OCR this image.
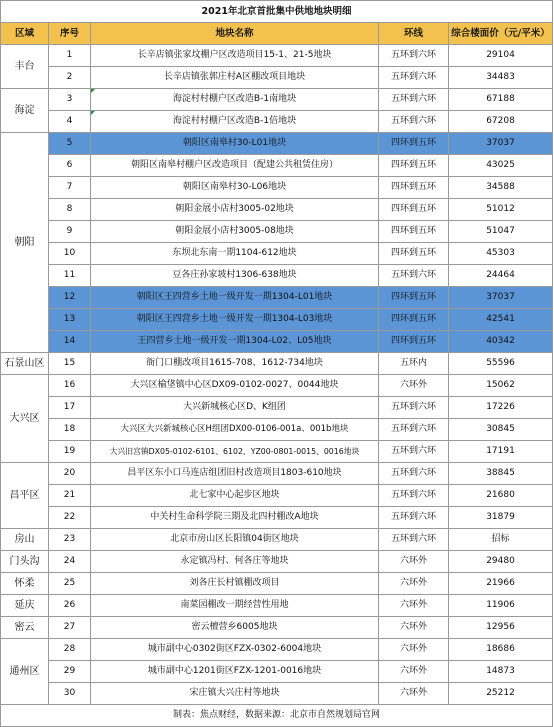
2021年北京首批集中供地地块明细				
区域	序号	地块名称	环线	综合楼面价（元/平米）
丰台	1	长辛店镇张家坟棚户区改造项目15-1、21-5地块	五环到六环	29104
	2	长辛店镇张郭庄村A区棚改项目地块	五环到六环	34483
海淀	3	海淀村村棚户区改造B-1南地块	五环到六环	67188
	4	海淀村村棚户区改造B-1倍地块	五环到六环	67208
朝阳	5	朝阳区南皋村30-L01地块	四环到五环	37037
	6	朝阳区南皋村棚户区改造项目（配建公共租赁住房）	四环到五环	43025
	7	朝阳区南皋村30-L06地块	四环到五环	34588
	8	朝阳金展小店村3005-02地块	四环到五环	51012
	9	朝阳金展小店村3005-08地块	四环到五环	51047
	10	东坝北东南一期1104-612地块	四环到五环	45303
	11	豆各庄孙家坡村1306-638地块	五环到六环	24464
	12	朝阳区王四营乡土地一级开发一期1304-L01地块	四环到五环	37037
	13	朝阳区王四营乡土地一级开发一期1304-L03地块	四环到五环	42541
	14	王四营乡土地一级开发一期1304-L02、L05地块	四环到五环	40342
石景山区	15	衙门口棚改项目1615-708、1612-734地块	五环内	55596
大兴区	16	大兴区榆垡镇中心区DX09-0102-0027、0044地块	六环外	15062
	17	大兴新城核心区D、K组团	五环到六环	17226
	18	大兴区大兴新城核心区H组团DX00-0106-001a、001b地块	五环到六环	30845
	19	大兴旧宫镇DX05-0102-6101、6102、YZ00-0801-0015、0016地块	五环到六环	17191
昌平区	20	昌平区东小口马连店组团旧村改造项目1803-610地块	五环到六环	38845
	21	北七家中心起步区地块	五环到六环	21680
	22	中关村生命科学院三期及北四村棚改A地块	五环到六环	31879
房山	23	北京市房山区长阳镇04街区地块	五环到六环	招标
门头沟	24	永定镇冯村、何各庄等地块	六环外	29480
怀柔	25	刘各庄长村镇棚改项目	六环外	21966
延庆	26	南菜园棚改一期经营性用地	六环外	11906
密云	27	密云檀营乡6005地块	六环外	12956
通州区	28	城市副中心0302街区FZX-0302-6004地块	六环外	18686
	29	城市副中心1201街区FZX-1201-0016地块	六环外	14873
	30	宋庄镇大兴庄村等地块	六环外	25212
制表：焦点财经，数据来源：北京市自然规划局官网				
